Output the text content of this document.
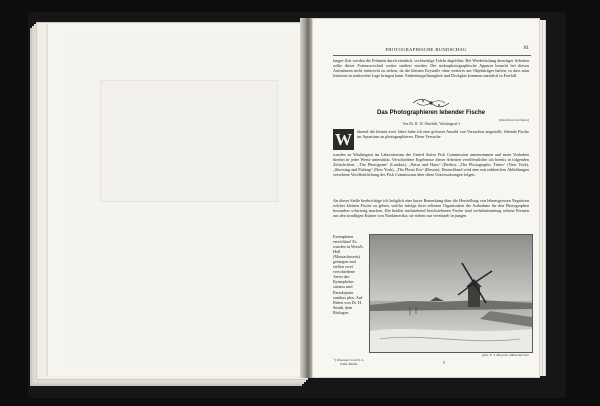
PHOTOGRAPHISCHE RUNDSCHAU	81

langer Zeit werden die Prämien durch ziemlich, sechsseitige Tafeln abgeführt. Bei Wiederholung derartiger Arbeiten sollte dieser Fortenswechsel weiter studiert werden. Der mikrophotographische Apparat braucht bei diesen Aufnahmen nicht senkrecht zu stehen, da die kleinen Krystalle ohne weiteres am Objektträger haften, so dass man letzteren in senkrechte Lage bringen kann. Einbettungsflüssigkeit und Deckglas kommen natürlich in Fortfall.

Das Photographieren lebender Fische
[Nachdruck verboten]
Von Dr. R. W. Shufeldt, Washington¹)
W	ährend der letzten zwei Jahre habe ich eine grössere Anzahl von Versuchen angestellt, lebende Fische im Aquarium zu photographieren. Diese Versuche

wurden zu Washington im Laboratorium der United States Fish Commission unternommen und mein Vorhaben hierbei in jeder Weise unterstützt. Verschiedene Ergebnisse dieser Arbeiten veröffentlichte ich bereits in folgenden Zeitschriften: „The Photogram“ (London), „Natur und Haus“ (Berlin), „The Photographic Times“ (New York), „Shooting and Fishing“ (New York), „The Photo Era“ (Boston). Deutschland wird eine mit zahlreichen Abbildungen versehene Veröffentlichung des Fish Commission über diese Untersuchungen folgen.

An dieser Stelle beabsichtige ich lediglich eine kurze Bemerkung über die Herstellung von lebensgrossen Negativen solcher kleinen Fische zu geben, welche infolge ihrer seltenen Organisation die Aufnahme für den Photographen besonders schwierig machen. Die beiden nachstehend beschriebenen Fische sind verhältnismässig seltene Formen aus den strudligen Küsten von Nordamerika; sie stehen nur vereinzelt in jungen

Exemplaren erreichbar! Es wurden in Wood's Holl (Massachusetts) gefangen und stellen zwei verschiedene Arten dar: Epinephelus striatus und Paradoparia xanthus plus. Auf Bitten von Dr. H. Smith, dem Biologen
¹) Übersetzt von Dr. L. Weiß, Berlin.
phot. F. J. Meyeren, Mutterkirchen
5
